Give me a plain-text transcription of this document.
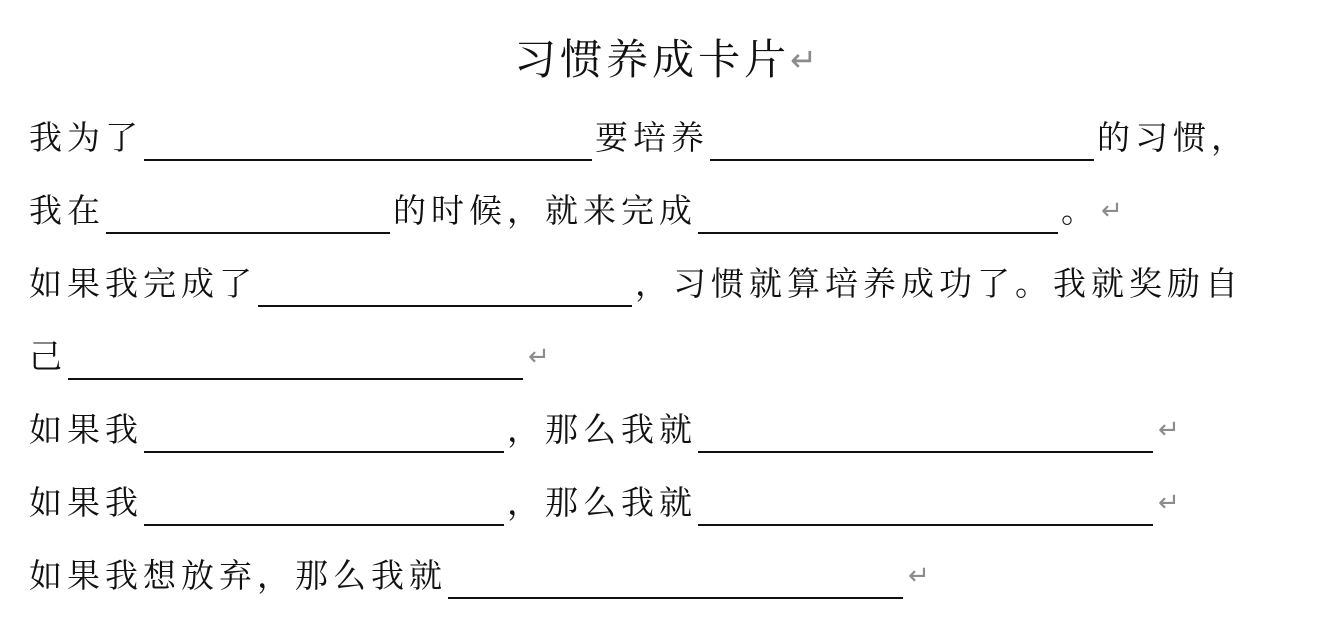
习惯养成卡片↵
我为了	要培养	的习惯，
我在	的时候，就来完成	。↵
如果我完成了	，习惯就算培养成功了。我就奖励自
己	↵
如果我	，那么我就	↵
如果我	，那么我就	↵
如果我想放弃，那么我就	↵
